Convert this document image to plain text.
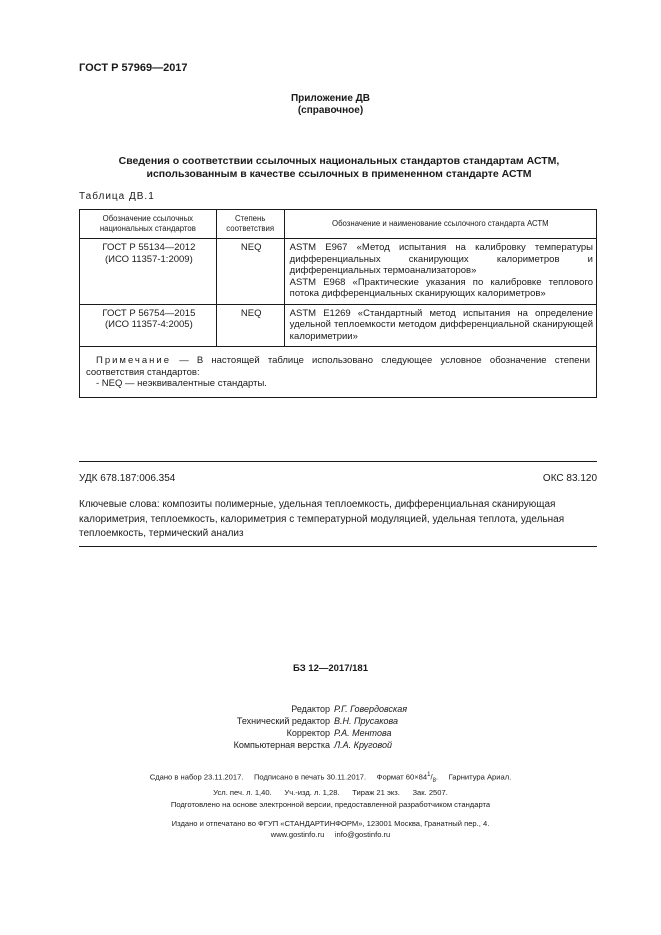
ГОСТ Р 57969—2017
Приложение ДВ
(справочное)
Сведения о соответствии ссылочных национальных стандартов стандартам АСТМ,
использованным в качестве ссылочных в примененном стандарте АСТМ
Таблица ДВ.1
Обозначение ссылочных национальных стандартов	Степень соответствия	Обозначение и наименование ссылочного стандарта АСТМ

ГОСТ Р 55134—2012
(ИСО 11357-1:2009)	NEQ	ASTM E967 «Метод испытания на калибровку температуры дифференциальных сканирующих калориметров и дифференциальных термоанализаторов»
ASTM E968 «Практические указания по калибровке теплового потока дифференциальных сканирующих калориметров»

ГОСТ Р 56754—2015
(ИСО 11357-4:2005)	NEQ	ASTM E1269 «Стандартный метод испытания на определение удельной теплоемкости методом дифференциальной сканирующей калориметрии»

Примечание — В настоящей таблице использовано следующее условное обозначение степени соответствия стандартов:
- NEQ — неэквивалентные стандарты.		
УДК 678.187:006.354	ОКС 83.120
Ключевые слова: композиты полимерные, удельная теплоемкость, дифференциальная сканирующая калориметрия, теплоемкость, калориметрия с температурной модуляцией, удельная теплота, удельная теплоемкость, термический анализ
БЗ 12—2017/181
Редактор Р.Г. Говердовская
Технический редактор В.Н. Прусакова
Корректор Р.А. Ментова
Компьютерная верстка Л.А. Круговой
Сдано в набор 23.11.2017.     Подписано в печать 30.11.2017.     Формат $60\times 84^1/_8$.     Гарнитура Ариал.
Усл. печ. л. 1,40.      Уч.-изд. л. 1,28.      Тираж 21 экз.      Зак. 2507.
Подготовлено на основе электронной версии, предоставленной разработчиком стандарта
Издано и отпечатано во ФГУП «СТАНДАРТИНФОРМ», 123001 Москва, Гранатный пер., 4.
www.gostinfo.ru     info@gostinfo.ru
